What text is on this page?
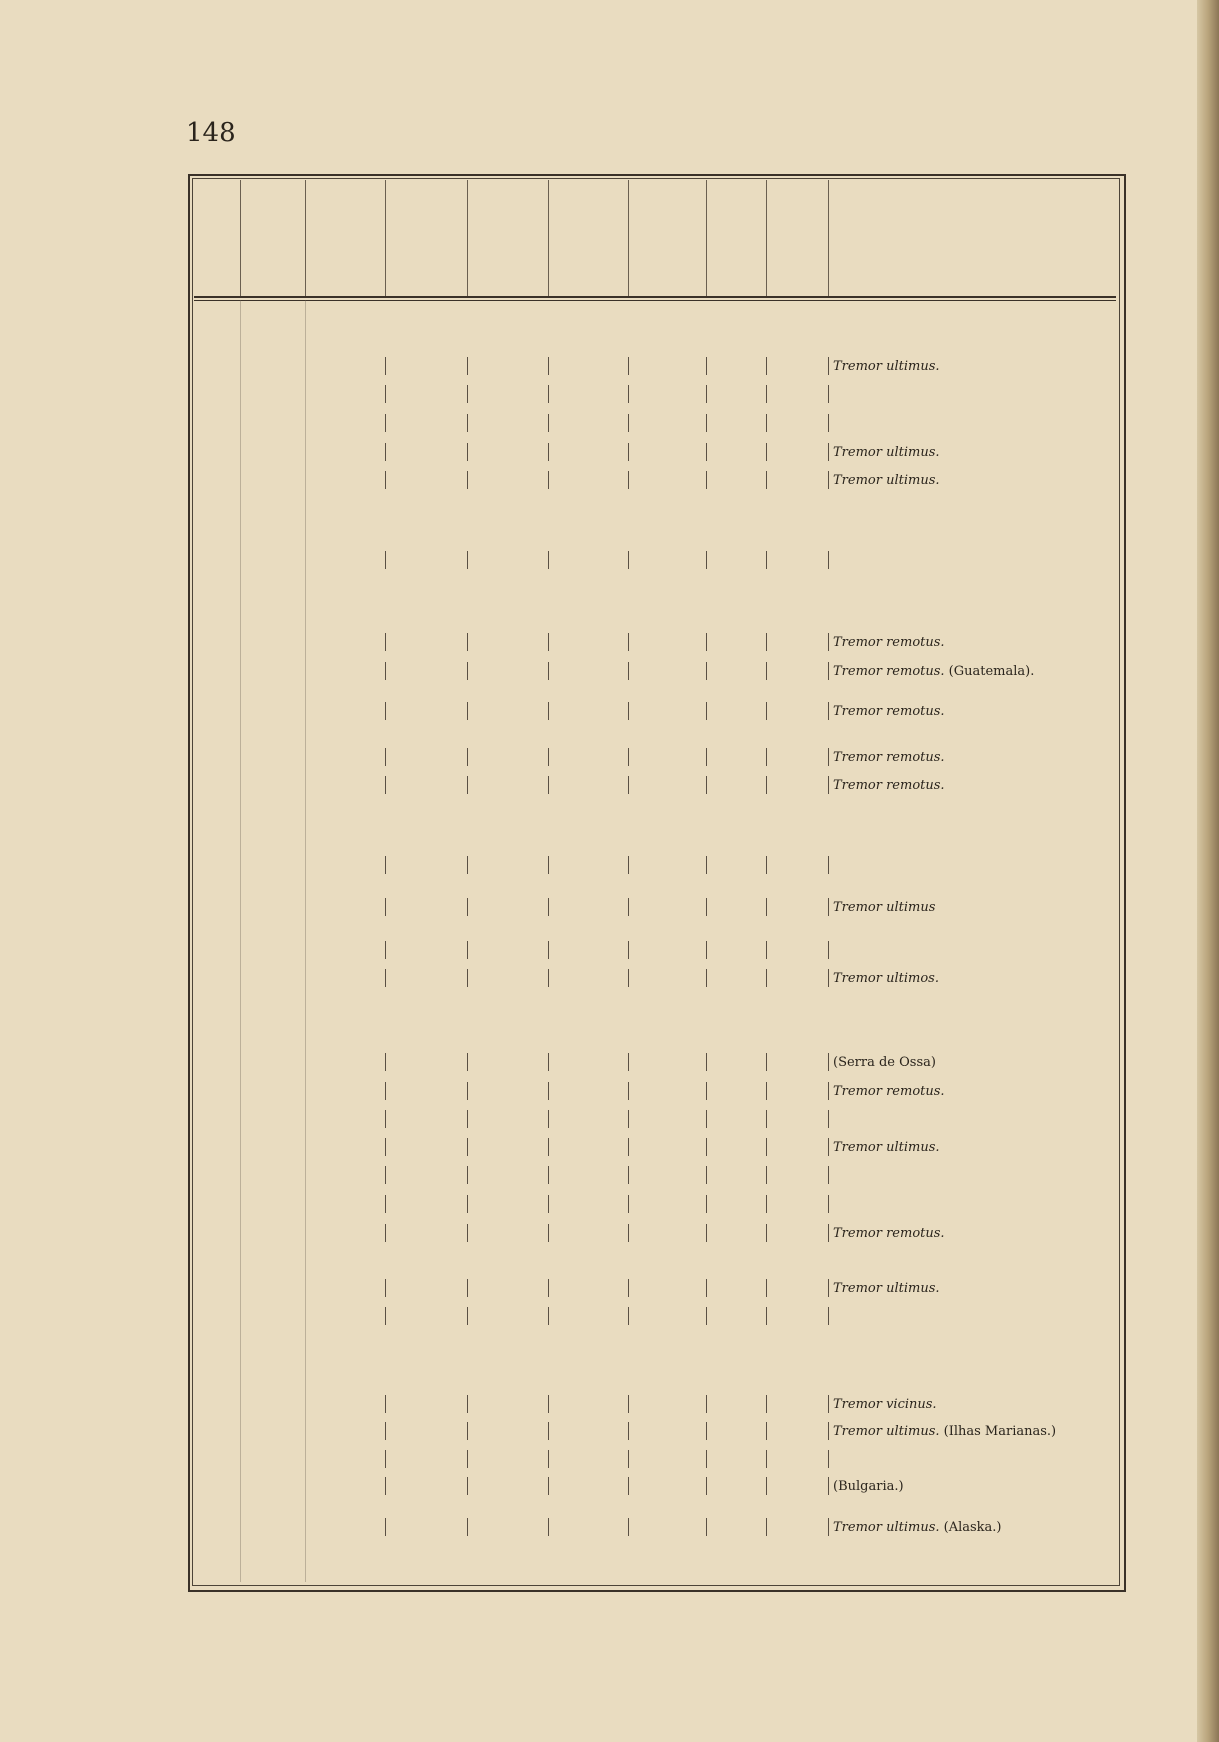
148
Tremor ultimus.
Tremor ultimus.
Tremor ultimus.
Tremor remotus.
Tremor remotus. (Guatemala).
Tremor remotus.
Tremor remotus.
Tremor remotus.
Tremor ultimus
Tremor ultimos.
(Serra de Ossa)
Tremor remotus.
Tremor ultimus.
Tremor remotus.
Tremor ultimus.
Tremor vicinus.
Tremor ultimus. (Ilhas Marianas.)
(Bulgaria.)
Tremor ultimus. (Alaska.)
